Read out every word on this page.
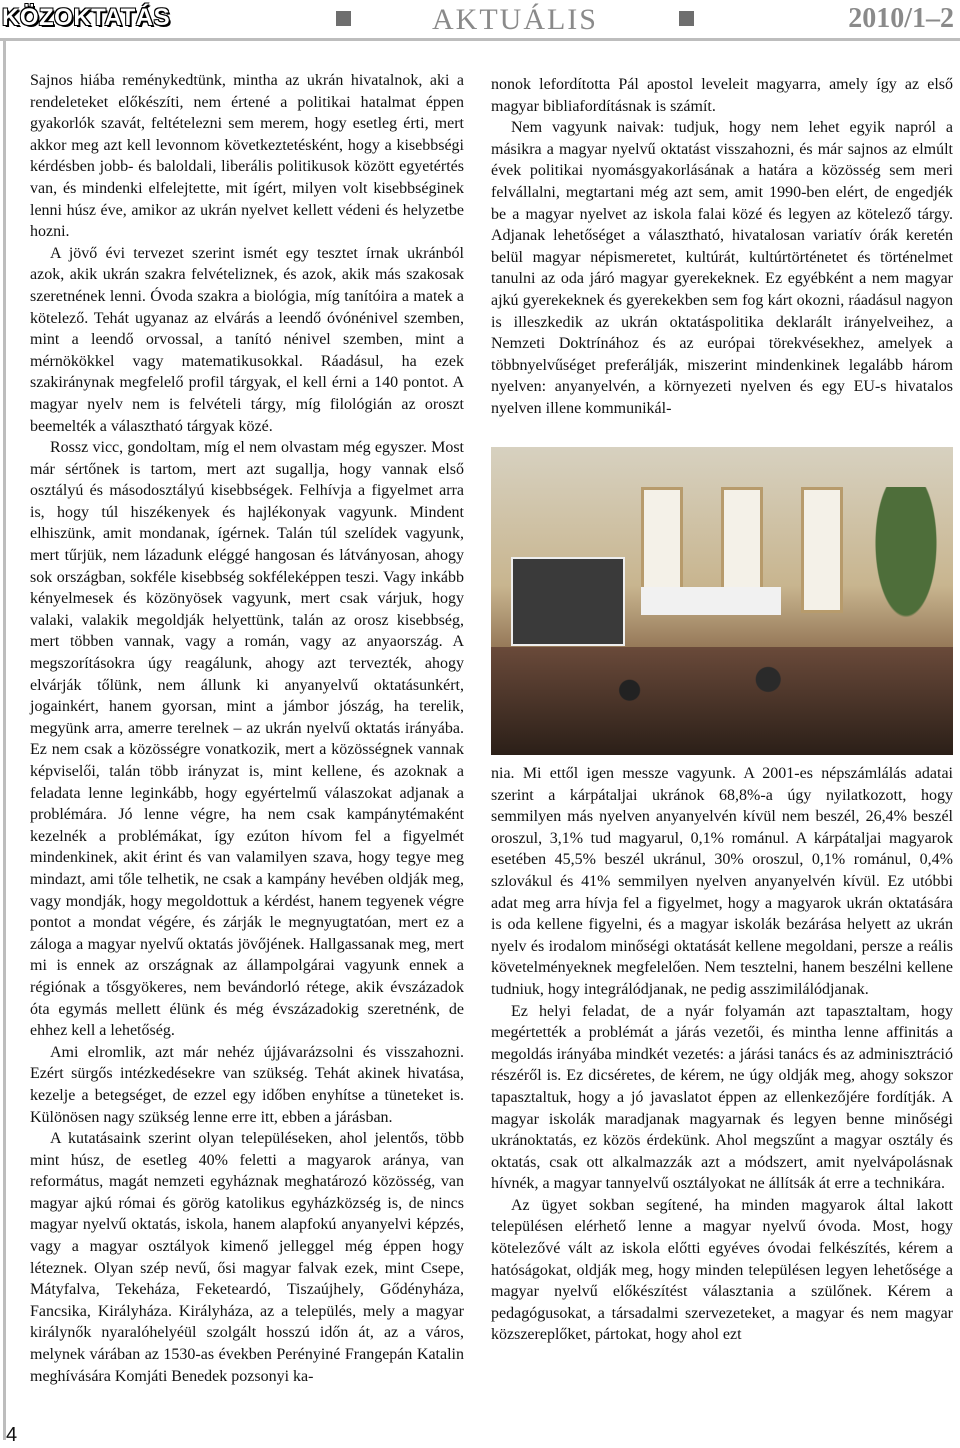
KÖZOKTATÁS	AKTUÁLIS	2010/1–2

Sajnos hiába reménykedtünk, mintha az ukrán hivatalnok, aki a rendeleteket előkészíti, nem értené a politikai hatalmat éppen gyakorlók szavát, feltételezni sem merem, hogy esetleg érti, mert akkor meg azt kell levonnom következtetésként, hogy a kisebbségi kérdésben jobb- és baloldali, liberális politikusok között egyetértés van, és mindenki elfelejtette, mit ígért, milyen volt kisebbséginek lenni húsz éve, amikor az ukrán nyelvet kellett védeni és helyzetbe hozni.

A jövő évi tervezet szerint ismét egy tesztet írnak ukránból azok, akik ukrán szakra felvételiznek, és azok, akik más szakosak szeretnének lenni. Óvoda szakra a biológia, míg tanítóira a matek a kötelező. Tehát ugyanaz az elvárás a leendő óvónénivel szemben, mint a leendő orvossal, a tanító nénivel szemben, mint a mérnökökkel vagy matematikusokkal. Ráadásul, ha ezek szakiránynak megfelelő profil tárgyak, el kell érni a 140 pontot. A magyar nyelv nem is felvételi tárgy, míg filológián az oroszt beemelték a választható tárgyak közé.

Rossz vicc, gondoltam, míg el nem olvastam még egyszer. Most már sértőnek is tartom, mert azt sugallja, hogy vannak első osztályú és másodosztályú kisebbségek. Felhívja a figyelmet arra is, hogy túl hiszékenyek és hajlékonyak vagyunk. Mindent elhiszünk, amit mondanak, ígérnek. Talán túl szelídek vagyunk, mert tűrjük, nem lázadunk eléggé hangosan és látványosan, ahogy sok országban, sokféle kisebbség sokféleképpen teszi. Vagy inkább kényelmesek és közönyösek vagyunk, mert csak várjuk, hogy valaki, valakik megoldják helyettünk, talán az orosz kisebbség, mert többen vannak, vagy a román, vagy az anyaország. A megszorításokra úgy reagálunk, ahogy azt tervezték, ahogy elvárják tőlünk, nem állunk ki anyanyelvű oktatásunkért, jogainkért, hanem gyorsan, mint a jámbor jószág, ha terelik, megyünk arra, amerre terelnek – az ukrán nyelvű oktatás irányába. Ez nem csak a közösségre vonatkozik, mert a közösségnek vannak képviselői, talán több irányzat is, mint kellene, és azoknak a feladata lenne leginkább, hogy egyértelmű válaszokat adjanak a problémára. Jó lenne végre, ha nem csak kampánytémaként kezelnék a problémákat, így ezúton hívom fel a figyelmét mindenkinek, akit érint és van valamilyen szava, hogy tegye meg mindazt, ami tőle telhetik, ne csak a kampány hevében oldják meg, vagy mondják, hogy megoldottuk a kérdést, hanem tegyenek végre pontot a mondat végére, és zárják le megnyugtatóan, mert ez a záloga a magyar nyelvű oktatás jövőjének. Hallgassanak meg, mert mi is ennek az országnak az állampolgárai vagyunk ennek a régiónak a tősgyökeres, nem bevándorló rétege, akik évszázadok óta egymás mellett élünk és még évszázadokig szeretnénk, de ehhez kell a lehetőség.

Ami elromlik, azt már nehéz újjávarázsolni és visszahozni. Ezért sürgős intézkedésekre van szükség. Tehát akinek hivatása, kezelje a betegséget, de ezzel egy időben enyhítse a tüneteket is. Különösen nagy szükség lenne erre itt, ebben a járásban.

A kutatásaink szerint olyan településeken, ahol jelentős, több mint húsz, de esetleg 40% feletti a magyarok aránya, van református, magát nemzeti egyháznak meghatározó közösség, van magyar ajkú római és görög katolikus egyházközség is, de nincs magyar nyelvű oktatás, iskola, hanem alapfokú anyanyelvi képzés, vagy a magyar osztályok kimenő jelleggel még éppen hogy léteznek. Olyan szép nevű, ősi magyar falvak ezek, mint Csepe, Mátyfalva, Tekeháza, Feketeardó, Tiszaújhely, Gődényháza, Fancsika, Királyháza. Királyháza, az a település, mely a magyar királynők nyaralóhelyéül szolgált hosszú időn át, az a város, melynek várában az 1530-as években Perényiné Frangepán Katalin meghívására Komjáti Benedek pozsonyi ka-

nonok lefordította Pál apostol leveleit magyarra, amely így az első magyar bibliafordításnak is számít.

Nem vagyunk naivak: tudjuk, hogy nem lehet egyik napról a másikra a magyar nyelvű oktatást visszahozni, és már sajnos az elmúlt évek politikai nyomásgyakorlásának a határa a közösség sem meri felvállalni, megtartani még azt sem, amit 1990-ben elért, de engedjék be a magyar nyelvet az iskola falai közé és legyen az kötelező tárgy. Adjanak lehetőséget a választható, hivatalosan variatív órák keretén belül magyar népismeretet, kultúrát, kultúrtörténetet és történelmet tanulni az oda járó magyar gyerekeknek. Ez egyébként a nem magyar ajkú gyerekeknek és gyerekekben sem fog kárt okozni, ráadásul nagyon is illeszkedik az ukrán oktatáspolitika deklarált irányelveihez, a Nemzeti Doktrínához és az európai törekvésekhez, amelyek a többnyelvűséget preferálják, miszerint mindenkinek legalább három nyelven: anyanyelvén, a környezeti nyelven és egy EU-s hivatalos nyelven illene kommunikál-

nia. Mi ettől igen messze vagyunk. A 2001-es népszámlálás adatai szerint a kárpátaljai ukránok 68,8%-a úgy nyilatkozott, hogy semmilyen más nyelven anyanyelvén kívül nem beszél, 26,4% beszél oroszul, 3,1% tud magyarul, 0,1% románul. A kárpátaljai magyarok esetében 45,5% beszél ukránul, 30% oroszul, 0,1% románul, 0,4% szlovákul és 41% semmilyen nyelven anyanyelvén kívül. Ez utóbbi adat meg arra hívja fel a figyelmet, hogy a magyarok ukrán oktatására is oda kellene figyelni, és a magyar iskolák bezárása helyett az ukrán nyelv és irodalom minőségi oktatását kellene megoldani, persze a reális követelményeknek megfelelően. Nem tesztelni, hanem beszélni kellene tudniuk, hogy integrálódjanak, ne pedig asszimilálódjanak.

Ez helyi feladat, de a nyár folyamán azt tapasztaltam, hogy megértették a problémát a járás vezetői, és mintha lenne affinitás a megoldás irányába mindkét vezetés: a járási tanács és az adminisztráció részéről is. Ez dicséretes, de kérem, ne úgy oldják meg, ahogy sokszor tapasztaltuk, hogy a jó javaslatot éppen az ellenkezőjére fordítják. A magyar iskolák maradjanak magyarnak és legyen benne minőségi ukránoktatás, ez közös érdekünk. Ahol megszűnt a magyar osztály és oktatás, csak ott alkalmazzák azt a módszert, amit nyelvápolásnak hívnék, a magyar tannyelvű osztályokat ne állítsák át erre a technikára.

Az ügyet sokban segítené, ha minden magyarok által lakott településen elérhető lenne a magyar nyelvű óvoda. Most, hogy kötelezővé vált az iskola előtti egyéves óvodai felkészítés, kérem a hatóságokat, oldják meg, hogy minden településen legyen lehetősége a magyar nyelvű előkészítést választania a szülőnek. Kérem a pedagógusokat, a társadalmi szervezeteket, a magyar és nem magyar közszereplőket, pártokat, hogy ahol ezt

4
